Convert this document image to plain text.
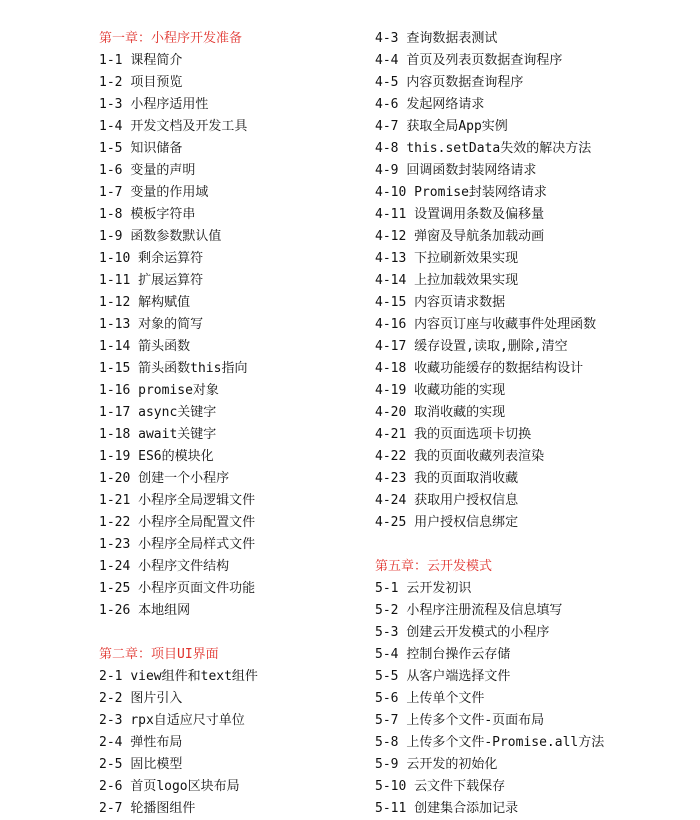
第一章：小程序开发准备
1-1 课程简介
1-2 项目预览
1-3 小程序适用性
1-4 开发文档及开发工具
1-5 知识储备
1-6 变量的声明
1-7 变量的作用域
1-8 模板字符串
1-9 函数参数默认值
1-10 剩余运算符
1-11 扩展运算符
1-12 解构赋值
1-13 对象的简写
1-14 箭头函数
1-15 箭头函数this指向
1-16 promise对象
1-17 async关键字
1-18 await关键字
1-19 ES6的模块化
1-20 创建一个小程序
1-21 小程序全局逻辑文件
1-22 小程序全局配置文件
1-23 小程序全局样式文件
1-24 小程序文件结构
1-25 小程序页面文件功能
1-26 本地组网
第二章：项目UI界面
2-1 view组件和text组件
2-2 图片引入
2-3 rpx自适应尺寸单位
2-4 弹性布局
2-5 固比模型
2-6 首页logo区块布局
2-7 轮播图组件
4-3 查询数据表测试
4-4 首页及列表页数据查询程序
4-5 内容页数据查询程序
4-6 发起网络请求
4-7 获取全局App实例
4-8 this.setData失效的解决方法
4-9 回调函数封装网络请求
4-10 Promise封装网络请求
4-11 设置调用条数及偏移量
4-12 弹窗及导航条加载动画
4-13 下拉刷新效果实现
4-14 上拉加载效果实现
4-15 内容页请求数据
4-16 内容页订座与收藏事件处理函数
4-17 缓存设置,读取,删除,清空
4-18 收藏功能缓存的数据结构设计
4-19 收藏功能的实现
4-20 取消收藏的实现
4-21 我的页面选项卡切换
4-22 我的页面收藏列表渲染
4-23 我的页面取消收藏
4-24 获取用户授权信息
4-25 用户授权信息绑定
第五章：云开发模式
5-1 云开发初识
5-2 小程序注册流程及信息填写
5-3 创建云开发模式的小程序
5-4 控制台操作云存储
5-5 从客户端选择文件
5-6 上传单个文件
5-7 上传多个文件-页面布局
5-8 上传多个文件-Promise.all方法
5-9 云开发的初始化
5-10 云文件下载保存
5-11 创建集合添加记录
